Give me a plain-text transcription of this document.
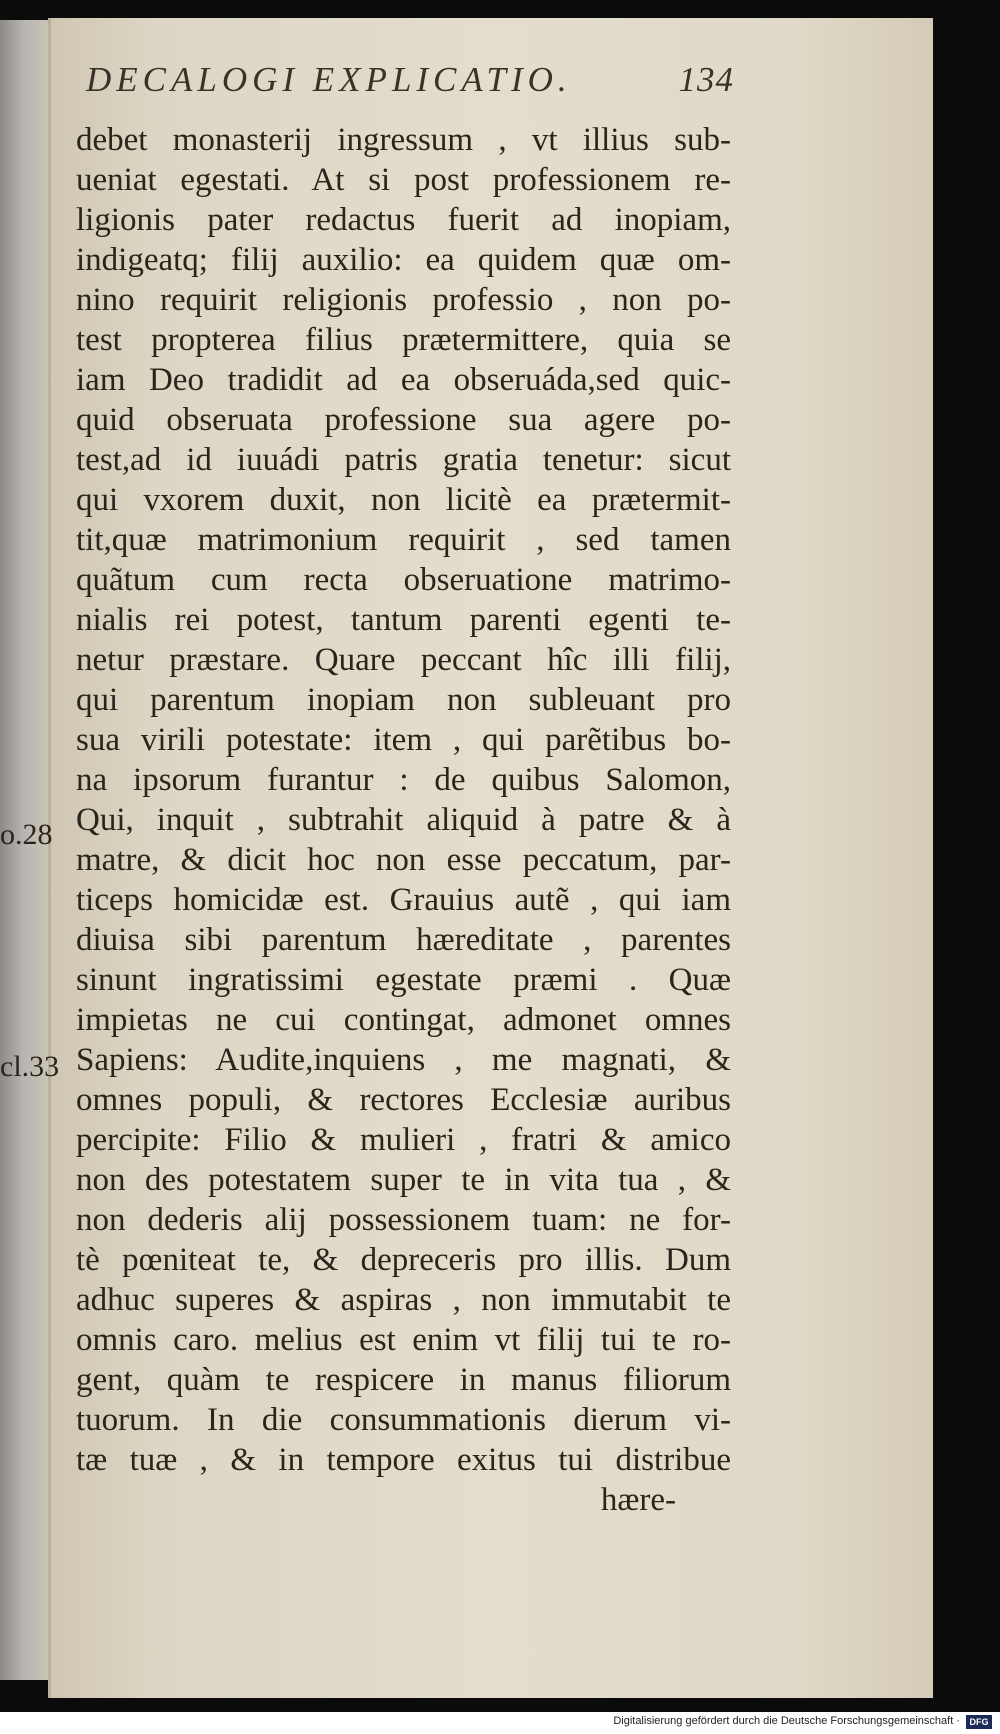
DECALOGI EXPLICATIO.	134
o.28
cl.33
debet monasterij ingressum , vt illius sub-
ueniat egestati. At si post professionem re-
ligionis pater redactus fuerit ad inopiam,
indigeatq; filij auxilio: ea quidem quæ om-
nino requirit religionis professio , non po-
test propterea filius prætermittere, quia se
iam Deo tradidit ad ea obseruáda,sed quic-
quid obseruata professione sua agere po-
test,ad id iuuádi patris gratia tenetur: sicut
qui vxorem duxit, non licitè ea prætermit-
tit,quæ matrimonium requirit , sed tamen
quãtum cum recta obseruatione matrimo-
nialis rei potest, tantum parenti egenti te-
netur præstare. Quare peccant hîc illi filij,
qui parentum inopiam non subleuant pro
sua virili potestate: item , qui parẽtibus bo-
na ipsorum furantur : de quibus Salomon,
Qui, inquit , subtrahit aliquid à patre & à
matre, & dicit hoc non esse peccatum, par-
ticeps homicidæ est. Grauius autẽ , qui iam
diuisa sibi parentum hæreditate , parentes
sinunt ingratissimi egestate præmi . Quæ
impietas ne cui contingat, admonet omnes
Sapiens: Audite,inquiens , me magnati, &
omnes populi, & rectores Ecclesiæ auribus
percipite: Filio & mulieri , fratri & amico
non des potestatem super te in vita tua , &
non dederis alij possessionem tuam: ne for-
tè pœniteat te, & depreceris pro illis. Dum
adhuc superes & aspiras , non immutabit te
omnis caro. melius est enim vt filij tui te ro-
gent, quàm te respicere in manus filiorum
tuorum. In die consummationis dierum vi-
tæ tuæ , & in tempore exitus tui distribue
hære-
Digitalisierung gefördert durch die Deutsche Forschungsgemeinschaft ·	DFG
